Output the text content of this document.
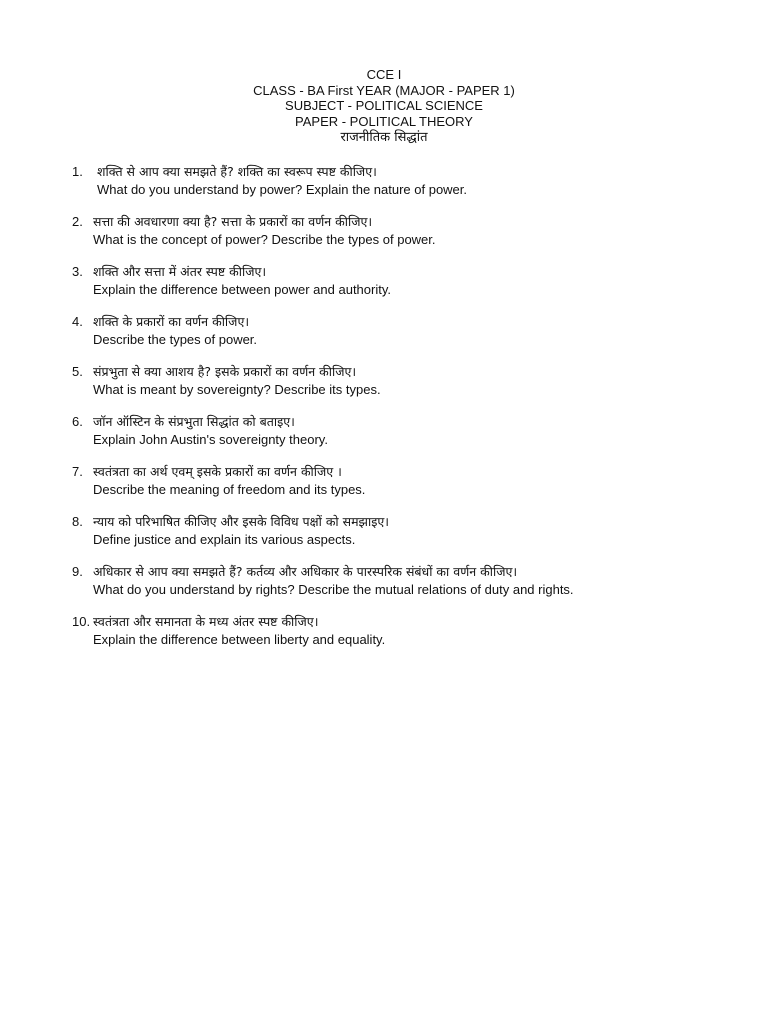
CCE I
CLASS - BA First YEAR (MAJOR - PAPER 1)
SUBJECT - POLITICAL SCIENCE
PAPER - POLITICAL THEORY
राजनीतिक सिद्धांत
1. शक्ति से आप क्या समझते हैं? शक्ति का स्वरूप स्पष्ट कीजिए।
What do you understand by power? Explain the nature of power.
2. सत्ता की अवधारणा क्या है? सत्ता के प्रकारों का वर्णन कीजिए।
What is the concept of power? Describe the types of power.
3. शक्ति और सत्ता में अंतर स्पष्ट कीजिए।
Explain the difference between power and authority.
4. शक्ति के प्रकारों का वर्णन कीजिए।
Describe the types of power.
5. संप्रभुता से क्या आशय है? इसके प्रकारों का वर्णन कीजिए।
What is meant by sovereignty? Describe its types.
6. जॉन ऑस्टिन के संप्रभुता सिद्धांत को बताइए।
Explain John Austin's sovereignty theory.
7. स्वतंत्रता का अर्थ एवम् इसके प्रकारों का वर्णन कीजिए ।
Describe the meaning of freedom and its types.
8. न्याय को परिभाषित कीजिए और इसके विविध पक्षों को समझाइए।
Define justice and explain its various aspects.
9. अधिकार से आप क्या समझते हैं? कर्तव्य और अधिकार के पारस्परिक संबंधों का वर्णन कीजिए।
What do you understand by rights? Describe the mutual relations of duty and rights.
10. स्वतंत्रता और समानता के मध्य अंतर स्पष्ट कीजिए।
Explain the difference between liberty and equality.
